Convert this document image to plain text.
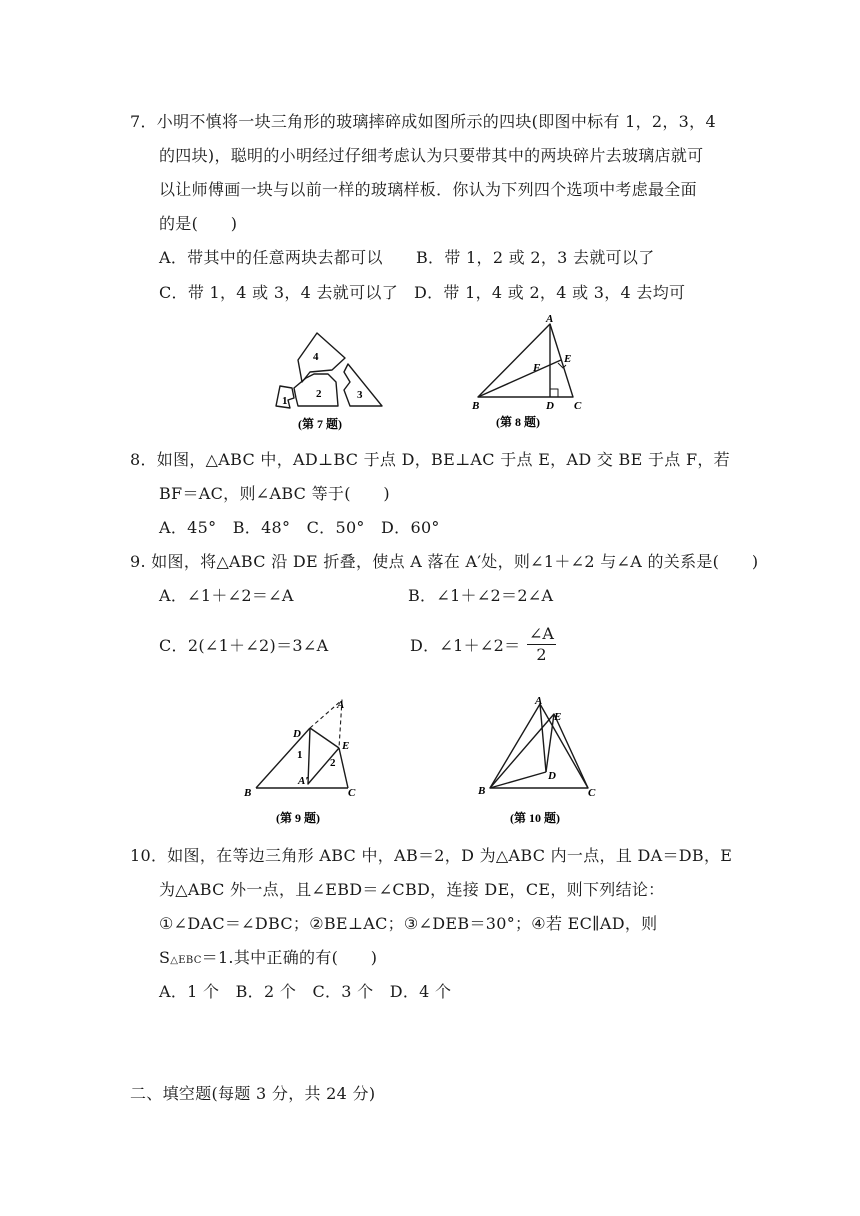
7．小明不慎将一块三角形的玻璃摔碎成如图所示的四块(即图中标有 1，2，3，4
的四块)，聪明的小明经过仔细考虑认为只要带其中的两块碎片去玻璃店就可
以让师傅画一块与以前一样的玻璃样板．你认为下列四个选项中考虑最全面
的是(　　)
A．带其中的任意两块去都可以 B．带 1，2 或 2，3 去就可以了
C．带 1，4 或 3，4 去就可以了 D．带 1，4 或 2，4 或 3，4 去均可
4
1
2	3
(第 7 题)
A
B	C
D
E
F
(第 8 题)
8．如图，△ABC 中，AD⊥BC 于点 D，BE⊥AC 于点 E，AD 交 BE 于点 F，若
BF＝AC，则∠ABC 等于(　　)
A．45°　B．48°　C．50°　D．60°
9. 如图，将△ABC 沿 DE 折叠，使点 A 落在 A′处，则∠1＋∠2 与∠A 的关系是(　　)
A．∠1＋∠2＝∠A	B．∠1＋∠2＝2∠A
C．2(∠1＋∠2)＝3∠A	D．∠1＋∠2＝ $\frac{\angle A}{2}$
A
B	C
D
E
A′
1
2
(第 9 题)
A
B	C
D
E
(第 10 题)
10．如图，在等边三角形 ABC 中，AB＝2，D 为△ABC 内一点，且 DA＝DB，E
为△ABC 外一点，且∠EBD＝∠CBD，连接 DE，CE，则下列结论：
①∠DAC＝∠DBC；②BE⊥AC；③∠DEB＝30°；④若 EC∥AD，则
S△EBC＝1.其中正确的有(　　)
A．1 个　B．2 个　C．3 个　D．4 个
二、填空题(每题 3 分，共 24 分)
